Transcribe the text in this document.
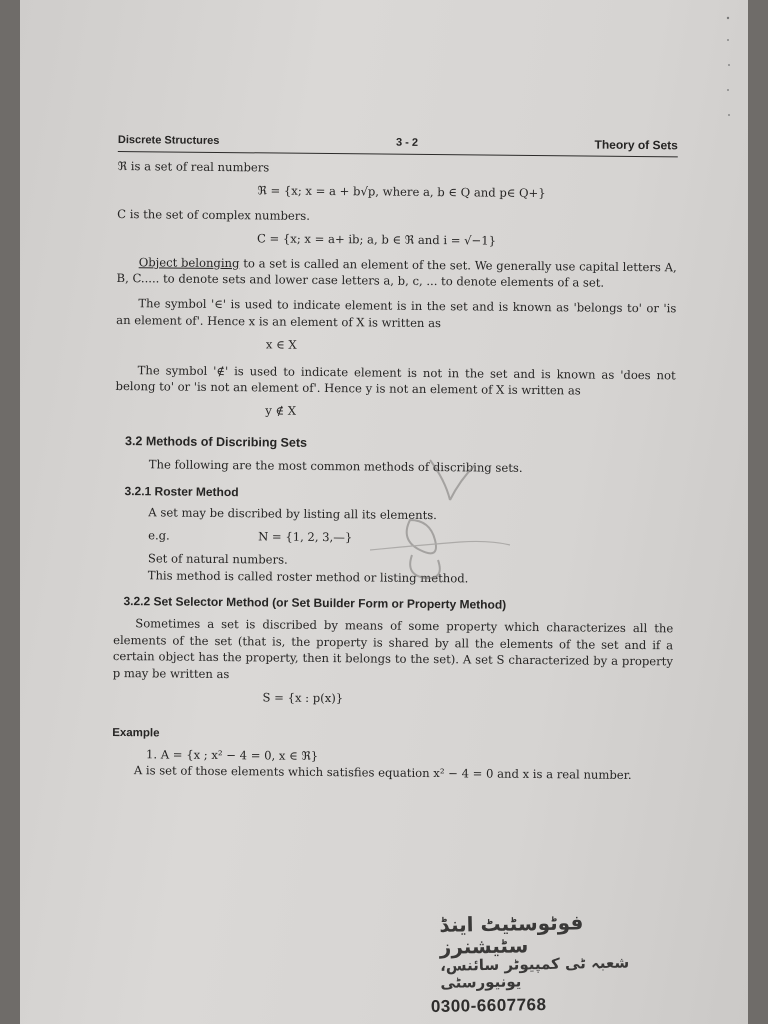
Discrete Structures	3 - 2	Theory of Sets

ℜ is a set of real numbers

ℜ = {x; x = a + b√p, where a, b ∈ Q and p∈ Q+}

C is the set of complex numbers.

C = {x; x = a+ ib; a, b ∈ ℜ and i = √−1}

Object belonging to a set is called an element of the set. We generally use capital letters A, B, C..... to denote sets and lower case letters a, b, c, ... to denote elements of a set.

The symbol '∈' is used to indicate element is in the set and is known as 'belongs to' or 'is an element of'. Hence x is an element of X is written as

x ∈ X

The symbol '∉' is used to indicate element is not in the set and is known as 'does not belong to' or 'is not an element of'. Hence y is not an element of X is written as

y ∉ X

3.2 Methods of Discribing Sets

The following are the most common methods of discribing sets.

3.2.1 Roster Method

A set may be discribed by listing all its elements.

e.g.	N = {1, 2, 3,—}

Set of natural numbers.

This method is called roster method or listing method.

3.2.2 Set Selector Method (or Set Builder Form or Property Method)

Sometimes a set is discribed by means of some property which characterizes all the elements of the set (that is, the property is shared by all the elements of the set and if a certain object has the property, then it belongs to the set). A set S characterized by a property p may be written as

S = {x : p(x)}

Example

1. A = {x ; x² − 4 = 0, x ∈ ℜ}

A is set of those elements which satisfies equation x² − 4 = 0 and x is a real number.

فوٹوسٹیٹ اینڈ سٹیشنرز
شعبہ ٹی کمپیوٹر سائنس، یونیورسٹی
0300-6607768
